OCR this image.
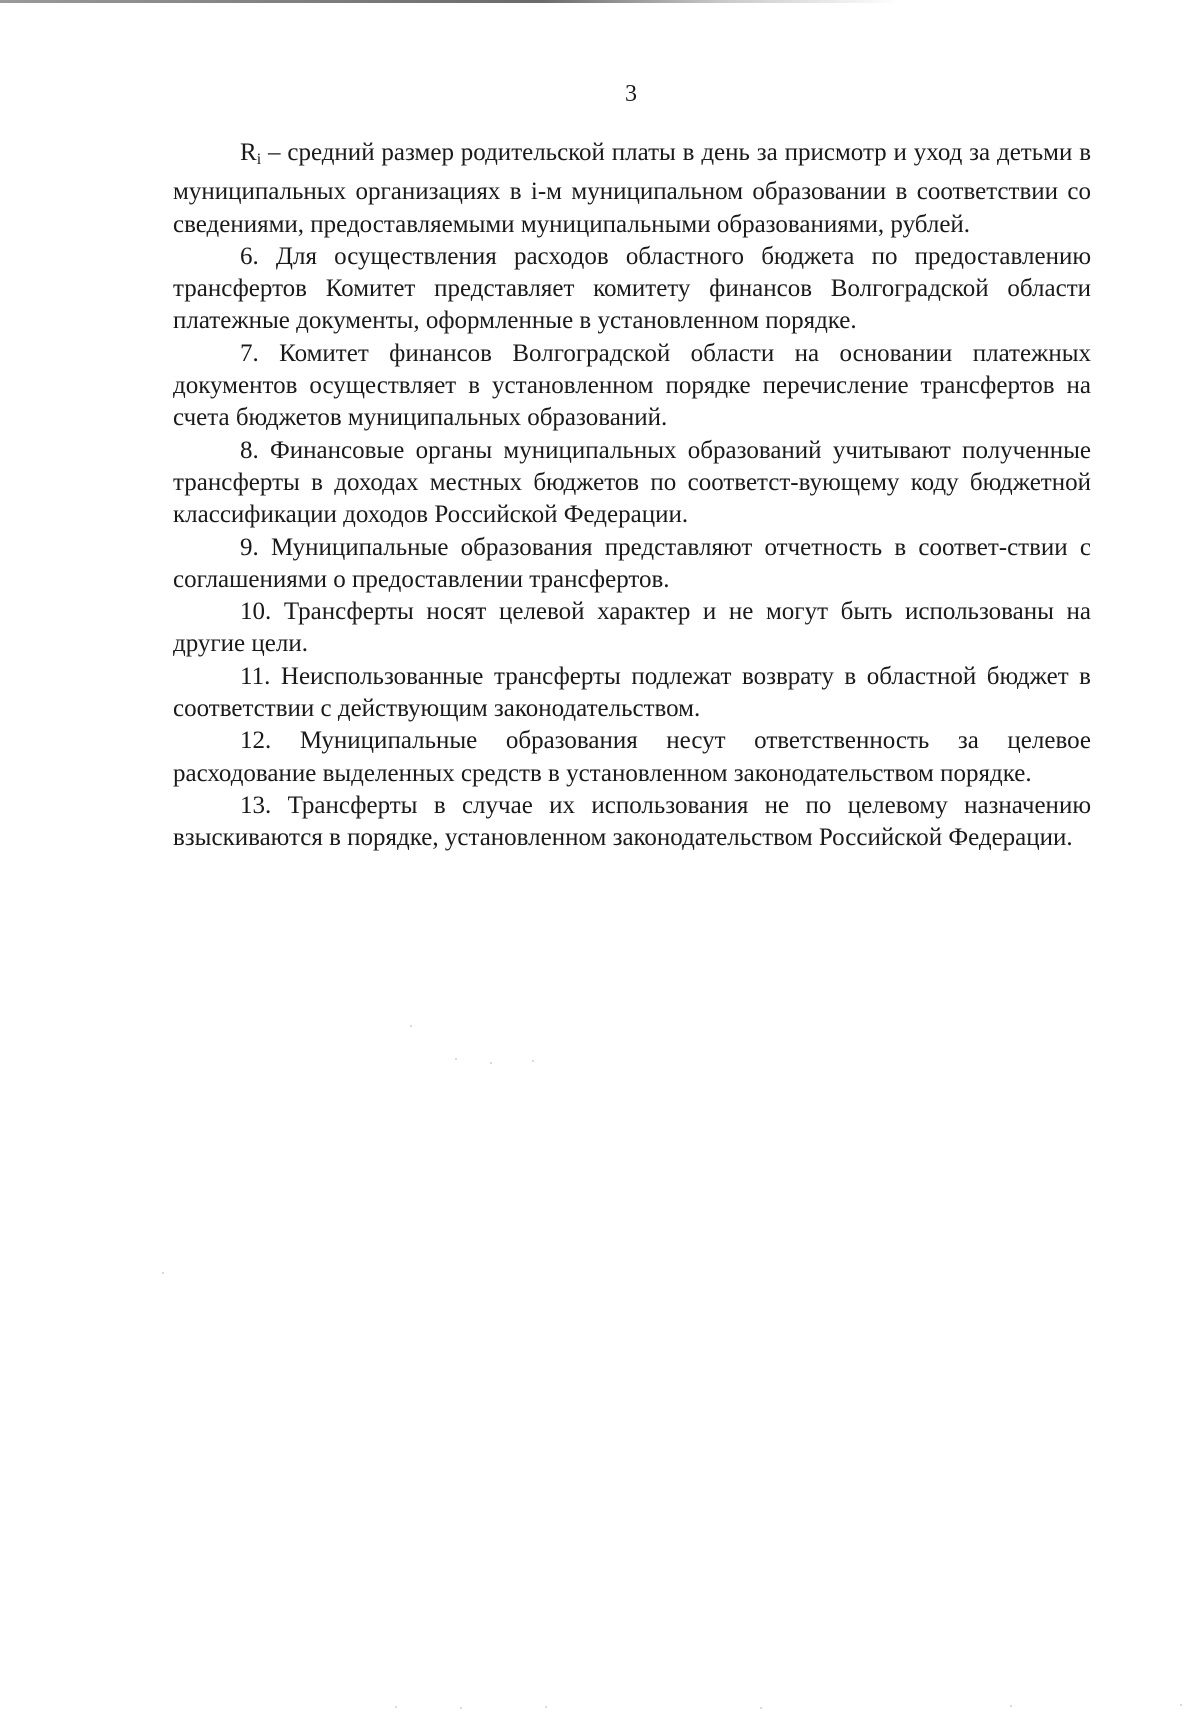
3

$R_i$ – средний размер родительской платы в день за присмотр и уход за детьми в муниципальных организациях в i-м муниципальном образовании в соответствии со сведениями, предоставляемыми муниципальными образованиями, рублей.

6. Для осуществления расходов областного бюджета по предоставлению трансфертов Комитет представляет комитету финансов Волгоградской области платежные документы, оформленные в установленном порядке.

7. Комитет финансов Волгоградской области на основании платежных документов осуществляет в установленном порядке перечисление трансфертов на счета бюджетов муниципальных образований.

8. Финансовые органы муниципальных образований учитывают полученные трансферты в доходах местных бюджетов по соответст-вующему коду бюджетной классификации доходов Российской Федерации.

9. Муниципальные образования представляют отчетность в соответ-ствии с соглашениями о предоставлении трансфертов.

10. Трансферты носят целевой характер и не могут быть использованы на другие цели.

11. Неиспользованные трансферты подлежат возврату в областной бюджет в соответствии с действующим законодательством.

12. Муниципальные образования несут ответственность за целевое расходование выделенных средств в установленном законодательством порядке.

13. Трансферты в случае их использования не по целевому назначению взыскиваются в порядке, установленном законодательством Российской Федерации.
